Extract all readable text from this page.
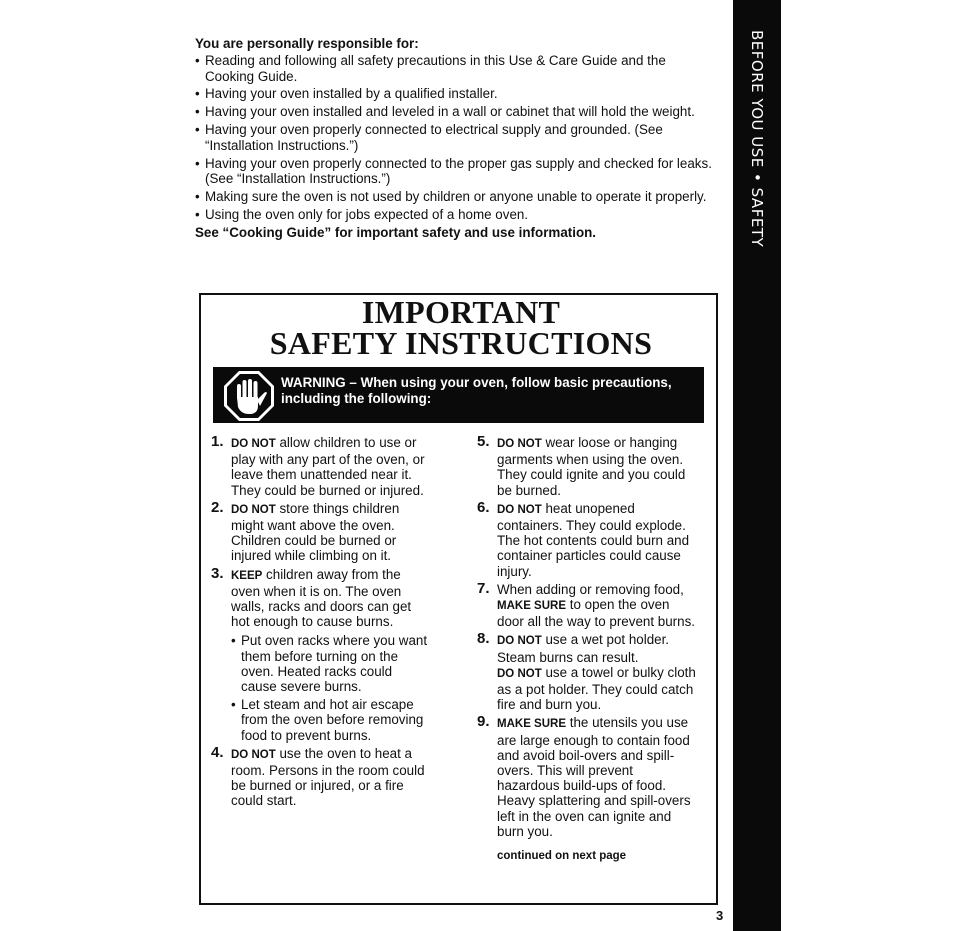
BEFORE YOU USE • SAFETY
You are personally responsible for:
• Reading and following all safety precautions in this Use & Care Guide and the Cooking Guide.
• Having your oven installed by a qualified installer.
• Having your oven installed and leveled in a wall or cabinet that will hold the weight.
• Having your oven properly connected to electrical supply and grounded. (See “Installation Instructions.”)
• Having your oven properly connected to the proper gas supply and checked for leaks. (See “Installation Instructions.”)
• Making sure the oven is not used by children or anyone unable to operate it properly.
• Using the oven only for jobs expected of a home oven.
See “Cooking Guide” for important safety and use information.
IMPORTANT
SAFETY INSTRUCTIONS
WARNING – When using your oven, follow basic precautions, including the following:
1. DO NOT allow children to use or play with any part of the oven, or leave them unattended near it. They could be burned or injured.
2. DO NOT store things children might want above the oven. Children could be burned or injured while climbing on it.
3. KEEP children away from the oven when it is on. The oven walls, racks and doors can get hot enough to cause burns.
• Put oven racks where you want them before turning on the oven. Heated racks could cause severe burns.
• Let steam and hot air escape from the oven before removing food to prevent burns.
4. DO NOT use the oven to heat a room. Persons in the room could be burned or injured, or a fire could start.
5. DO NOT wear loose or hanging garments when using the oven. They could ignite and you could be burned.
6. DO NOT heat unopened containers. They could explode. The hot contents could burn and container particles could cause injury.
7. When adding or removing food, MAKE SURE to open the oven door all the way to prevent burns.
8. DO NOT use a wet pot holder. Steam burns can result.
DO NOT use a towel or bulky cloth as a pot holder. They could catch fire and burn you.
9. MAKE SURE the utensils you use are large enough to contain food and avoid boil-overs and spill-overs. This will prevent hazardous build-ups of food. Heavy splattering and spill-overs left in the oven can ignite and burn you.
continued on next page
3
